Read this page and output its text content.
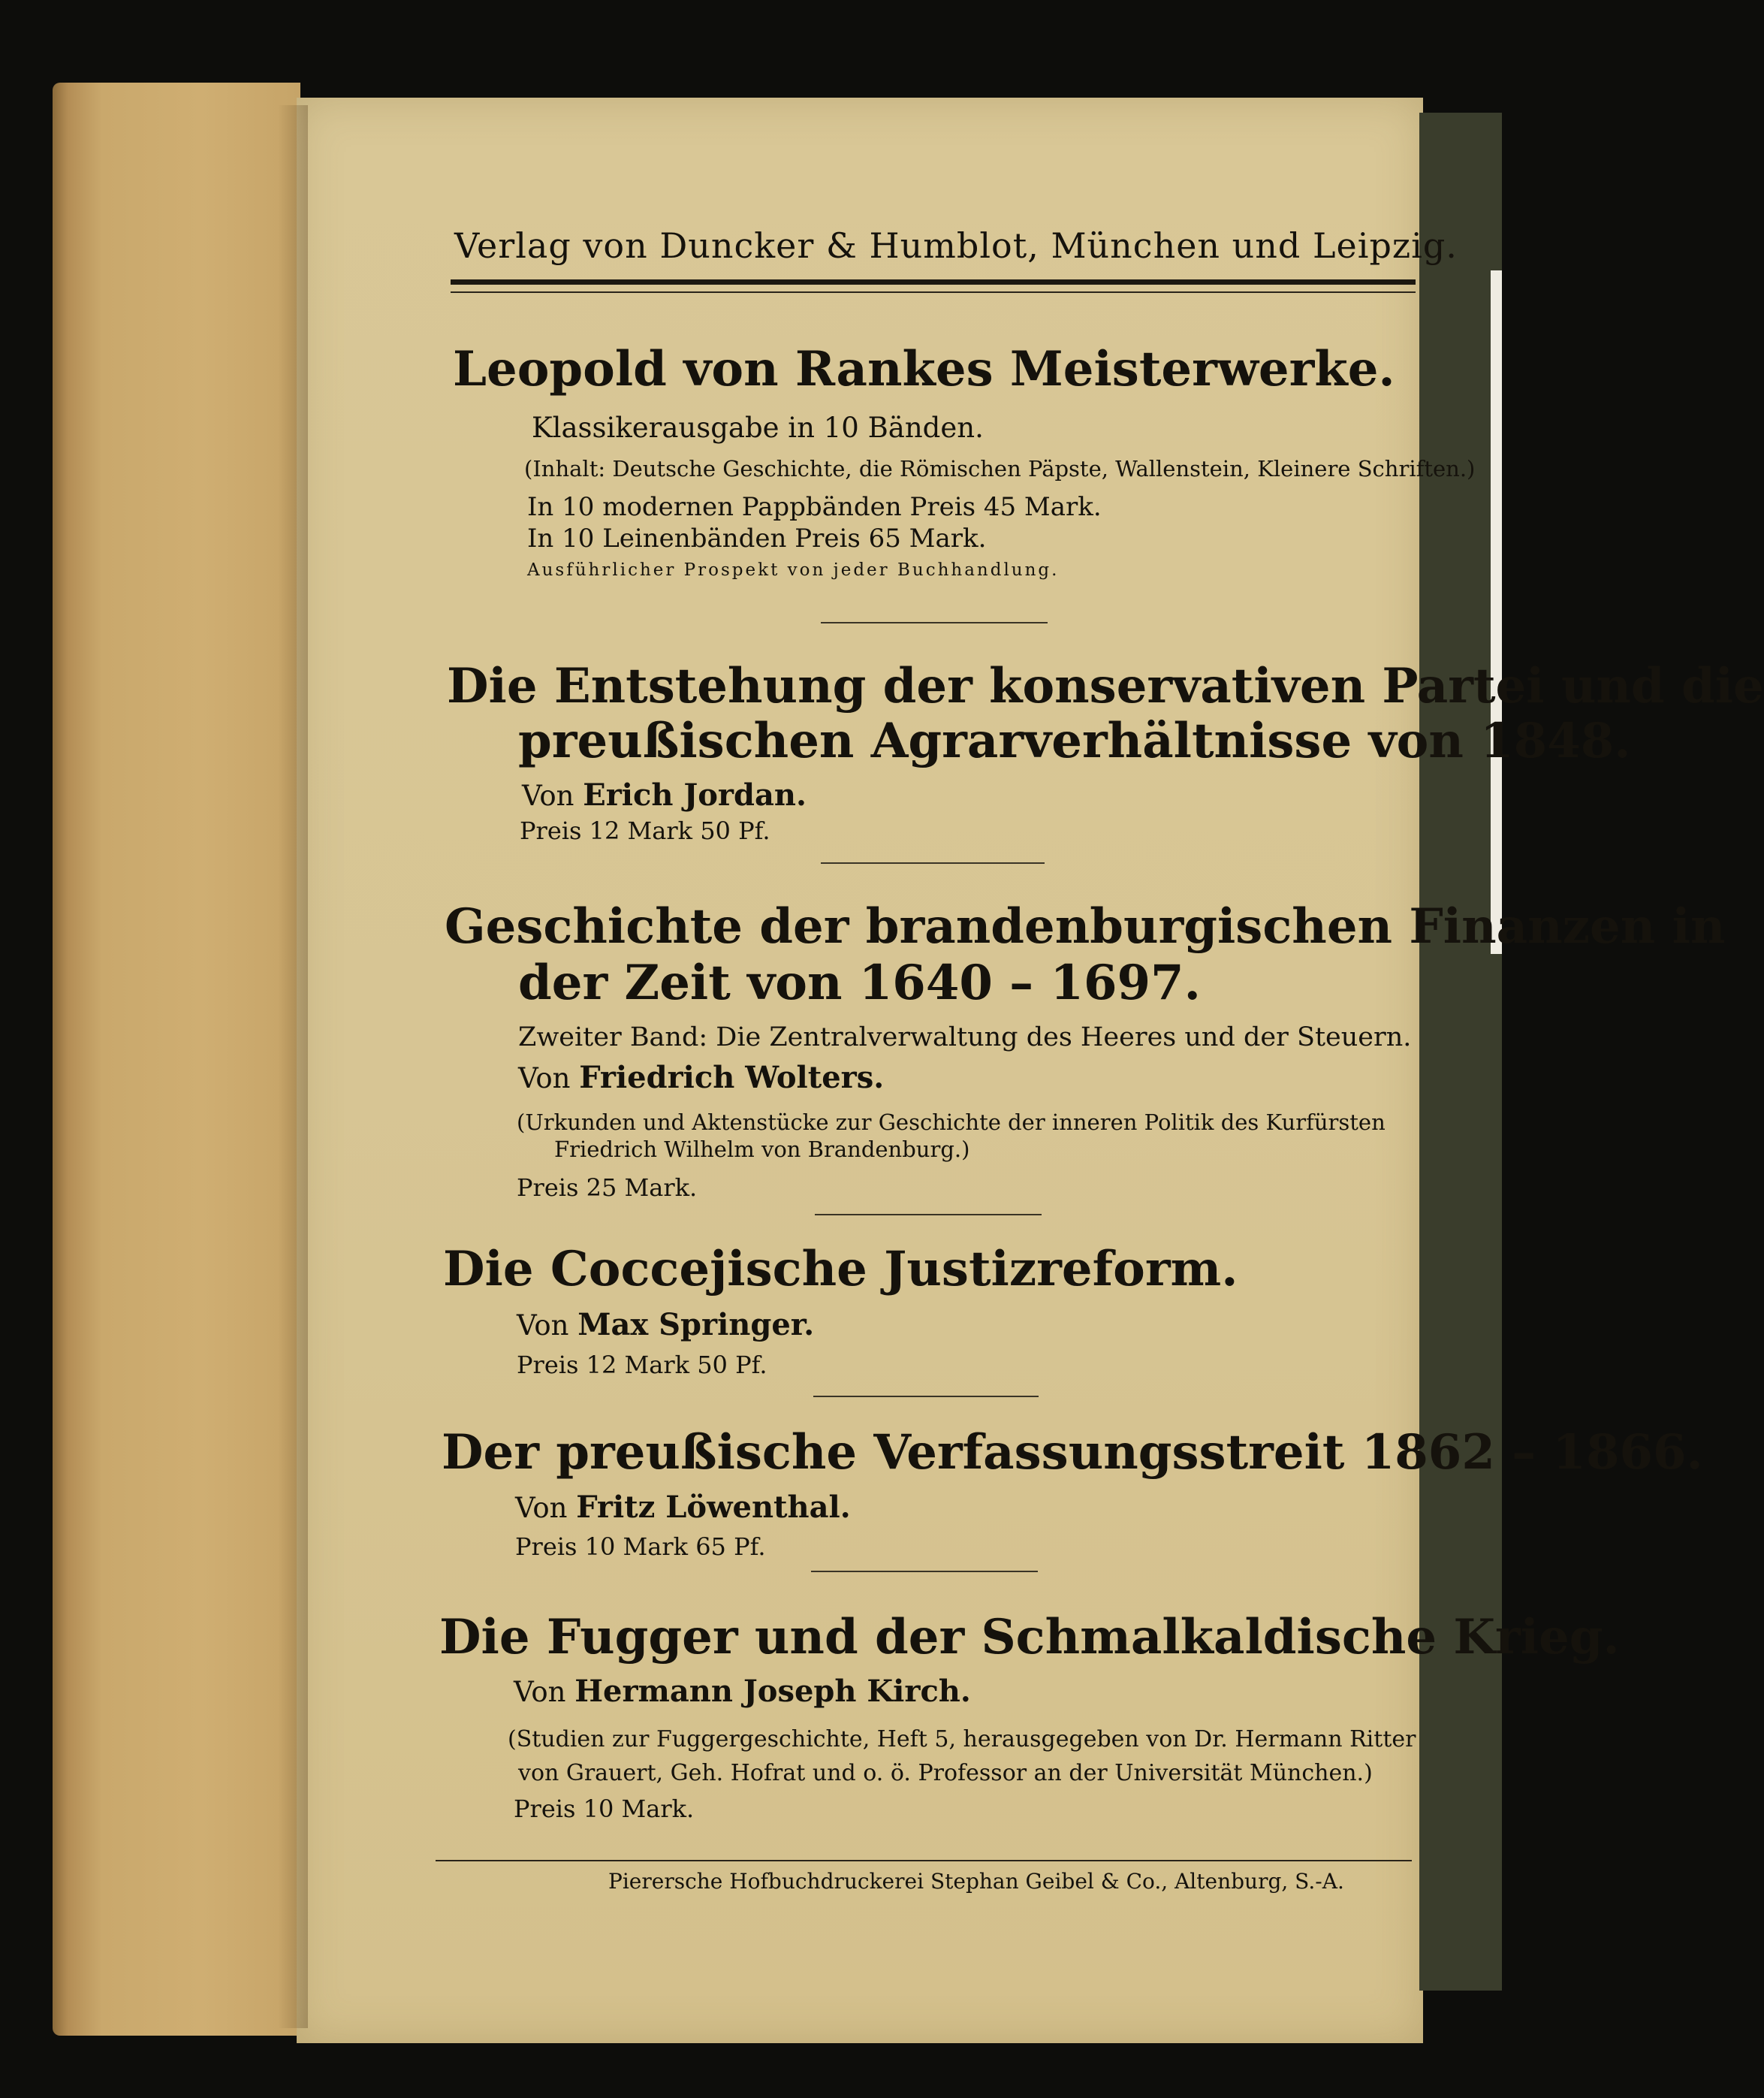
Verlag von Duncker & Humblot, München und Leipzig.

Leopold von Rankes Meisterwerke.

Klassikerausgabe in 10 Bänden.

(Inhalt: Deutsche Geschichte, die Römischen Päpste, Wallenstein, Kleinere Schriften.)

In 10 modernen Pappbänden Preis 45 Mark.

In 10 Leinenbänden Preis 65 Mark.

Ausführlicher Prospekt von jeder Buchhandlung.

Die Entstehung der konservativen Partei und die

preußischen Agrarverhältnisse von 1848.

Von Erich Jordan.

Preis 12 Mark 50 Pf.

Geschichte der brandenburgischen Finanzen in

der Zeit von 1640 – 1697.

Zweiter Band: Die Zentralverwaltung des Heeres und der Steuern.

Von Friedrich Wolters.

(Urkunden und Aktenstücke zur Geschichte der inneren Politik des Kurfürsten

Friedrich Wilhelm von Brandenburg.)

Preis 25 Mark.

Die Coccejische Justizreform.

Von Max Springer.

Preis 12 Mark 50 Pf.

Der preußische Verfassungsstreit 1862 – 1866.

Von Fritz Löwenthal.

Preis 10 Mark 65 Pf.

Die Fugger und der Schmalkaldische Krieg.

Von Hermann Joseph Kirch.

(Studien zur Fuggergeschichte, Heft 5, herausgegeben von Dr. Hermann Ritter

von Grauert, Geh. Hofrat und o. ö. Professor an der Universität München.)

Preis 10 Mark.

Pierersche Hofbuchdruckerei Stephan Geibel & Co., Altenburg, S.-A.
